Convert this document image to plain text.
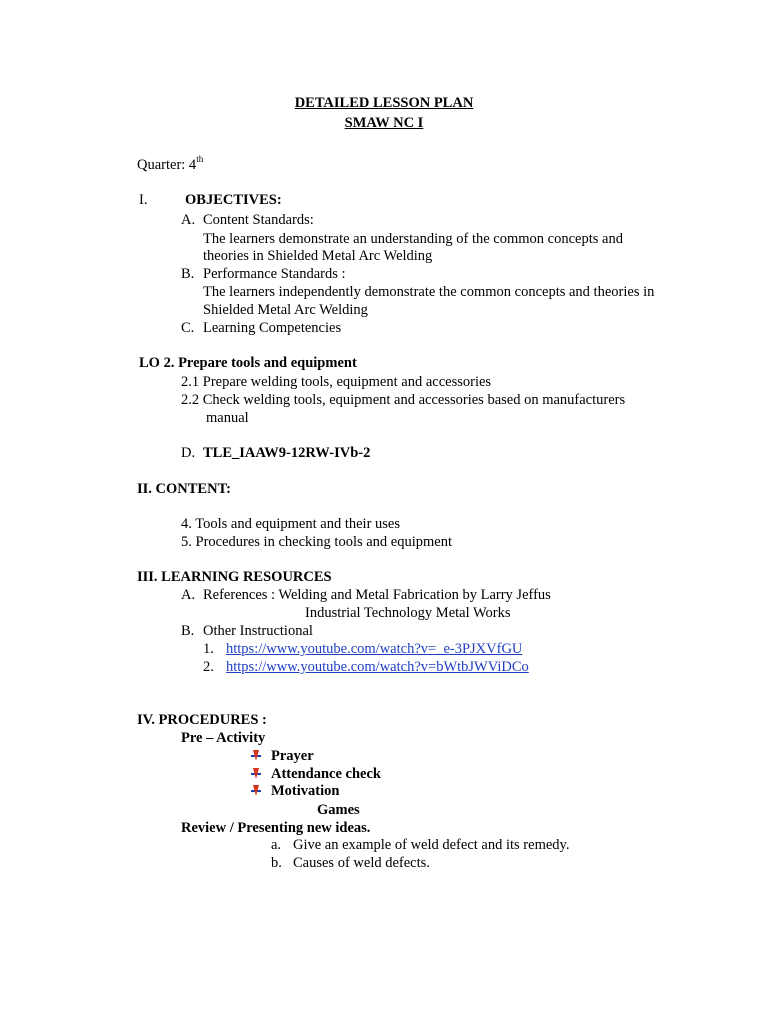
DETAILED LESSON PLAN
SMAW NC I
Quarter: 4th
I.	OBJECTIVES:
A. Content Standards:
The learners demonstrate an understanding of the common concepts and
theories in Shielded Metal Arc Welding
B. Performance Standards :
The learners independently demonstrate the common concepts and theories in
Shielded Metal Arc Welding
C. Learning Competencies
LO 2. Prepare tools and equipment
2.1 Prepare welding tools, equipment and accessories
2.2 Check welding tools, equipment and accessories based on manufacturers
manual
D. TLE_IAAW9-12RW-IVb-2
II. CONTENT:
4. Tools and equipment and their uses
5. Procedures in checking tools and equipment
III. LEARNING RESOURCES
A. References : Welding and Metal Fabrication by Larry Jeffus
Industrial Technology Metal Works
B. Other Instructional
1. https://www.youtube.com/watch?v=_e-3PJXVfGU
2. https://www.youtube.com/watch?v=bWtbJWViDCo
IV. PROCEDURES :
Pre – Activity
Prayer
Attendance check
Motivation
Games
Review / Presenting new ideas.
a. Give an example of weld defect and its remedy.
b. Causes of weld defects.
